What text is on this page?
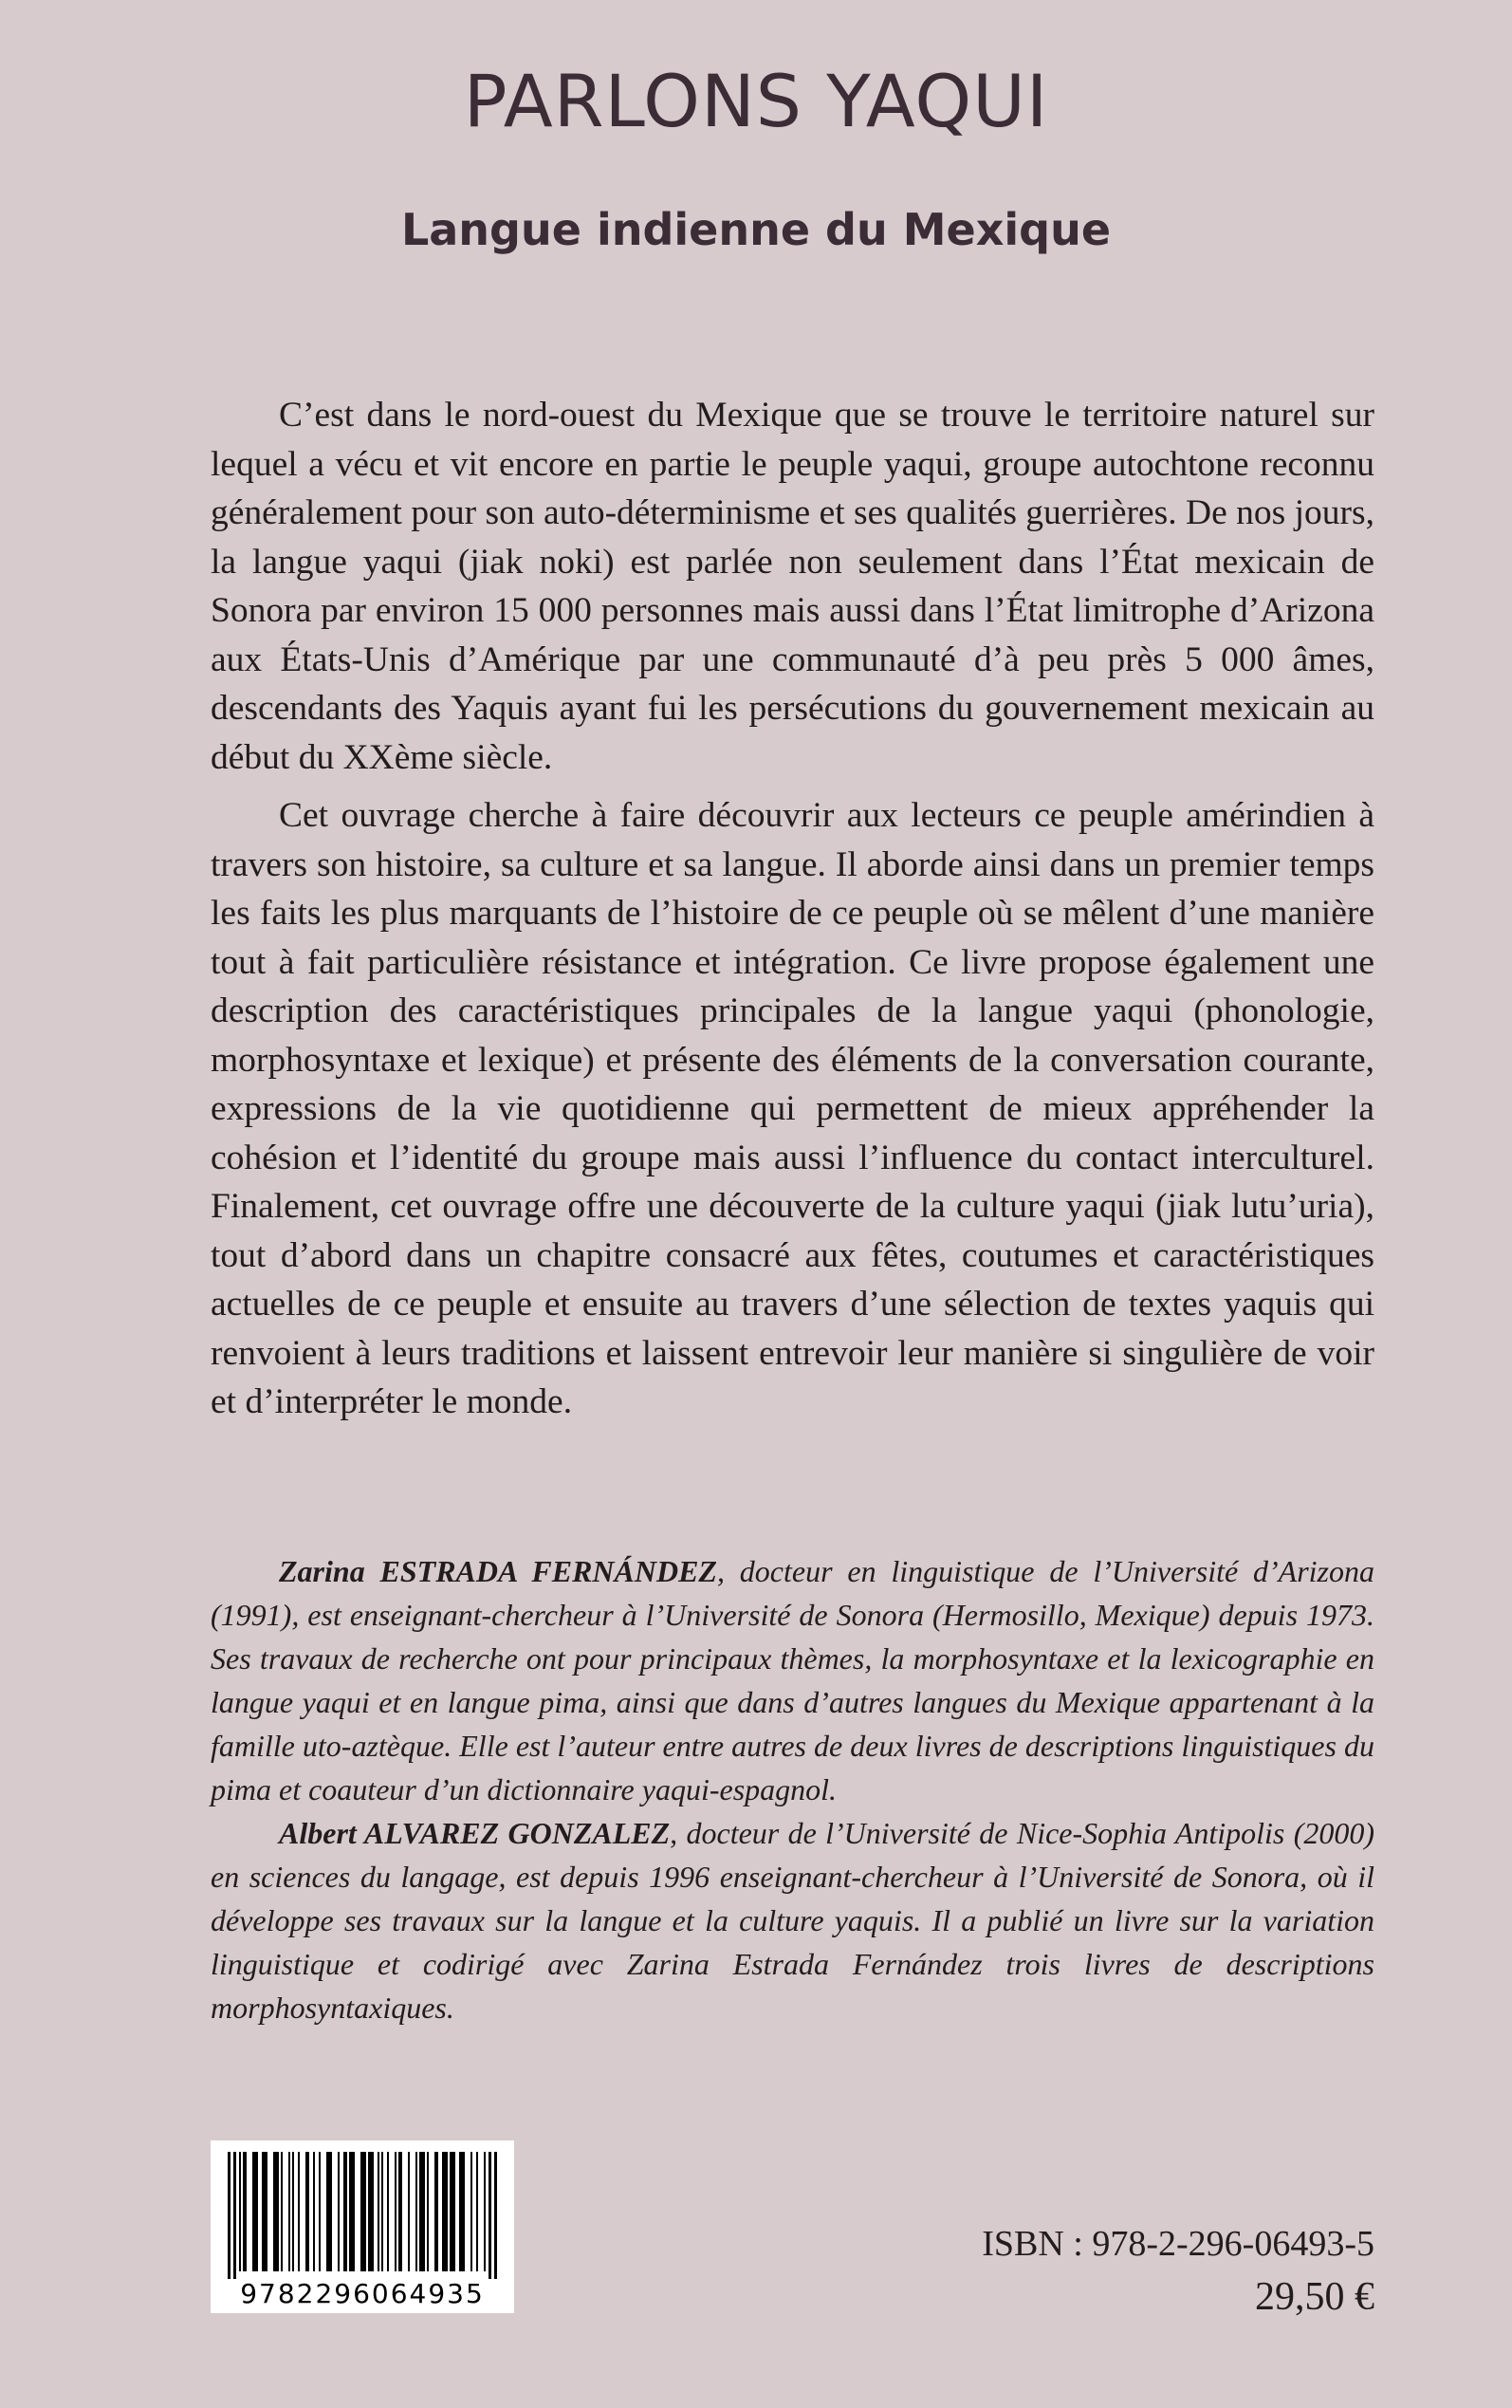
PARLONS YAQUI
Langue indienne du Mexique

C’est dans le nord-ouest du Mexique que se trouve le territoire naturel sur lequel a vécu et vit encore en partie le peuple yaqui, groupe autochtone reconnu généralement pour son auto-déterminisme et ses qualités guerrières. De nos jours, la langue yaqui (jiak noki) est parlée non seulement dans l’État mexicain de Sonora par environ 15 000 personnes mais aussi dans l’État limitrophe d’Arizona aux États-Unis d’Amérique par une communauté d’à peu près 5 000 âmes, descendants des Yaquis ayant fui les persécutions du gouvernement mexicain au début du XXème siècle.

Cet ouvrage cherche à faire découvrir aux lecteurs ce peuple amérindien à travers son histoire, sa culture et sa langue. Il aborde ainsi dans un premier temps les faits les plus marquants de l’histoire de ce peuple où se mêlent d’une manière tout à fait particulière résistance et intégration. Ce livre propose également une description des caractéristiques principales de la langue yaqui (phonologie, morphosyntaxe et lexique) et présente des éléments de la conversation courante, expressions de la vie quotidienne qui permettent de mieux appréhender la cohésion et l’identité du groupe mais aussi l’influence du contact interculturel. Finalement, cet ouvrage offre une découverte de la culture yaqui (jiak lutu’uria), tout d’abord dans un chapitre consacré aux fêtes, coutumes et caractéristiques actuelles de ce peuple et ensuite au travers d’une sélection de textes yaquis qui renvoient à leurs traditions et laissent entrevoir leur manière si singulière de voir et d’interpréter le monde.

Zarina ESTRADA FERNÁNDEZ, docteur en linguistique de l’Université d’Arizona (1991), est enseignant-chercheur à l’Université de Sonora (Hermosillo, Mexique) depuis 1973. Ses travaux de recherche ont pour principaux thèmes, la morphosyntaxe et la lexicographie en langue yaqui et en langue pima, ainsi que dans d’autres langues du Mexique appartenant à la famille uto-aztèque. Elle est l’auteur entre autres de deux livres de descriptions linguistiques du pima et coauteur d’un dictionnaire yaqui-espagnol.

Albert ALVAREZ GONZALEZ, docteur de l’Université de Nice-Sophia Antipolis (2000) en sciences du langage, est depuis 1996 enseignant-chercheur à l’Université de Sonora, où il développe ses travaux sur la langue et la culture yaquis. Il a publié un livre sur la variation linguistique et codirigé avec Zarina Estrada Fernández trois livres de descriptions morphosyntaxiques.

9782296064935
ISBN : 978-2-296-06493-5
29,50 €
